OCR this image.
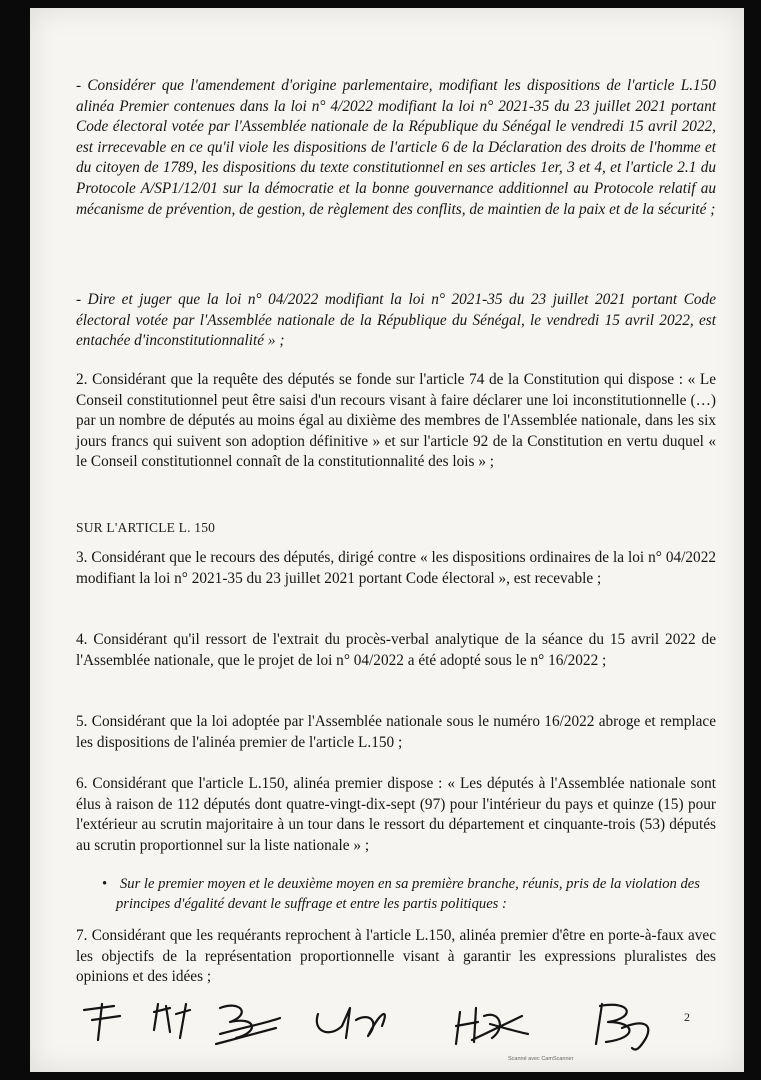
- Considérer que l'amendement d'origine parlementaire, modifiant les dispositions de l'article L.150 alinéa Premier contenues dans la loi n° 4/2022 modifiant la loi n° 2021-35 du 23 juillet 2021 portant Code électoral votée par l'Assemblée nationale de la République du Sénégal le vendredi 15 avril 2022, est irrecevable en ce qu'il viole les dispositions de l'article 6 de la Déclaration des droits de l'homme et du citoyen de 1789, les dispositions du texte constitutionnel en ses articles 1er, 3 et 4, et l'article 2.1 du Protocole A/SP1/12/01 sur la démocratie et la bonne gouvernance additionnel au Protocole relatif au mécanisme de prévention, de gestion, de règlement des conflits, de maintien de la paix et de la sécurité ;

- Dire et juger que la loi n° 04/2022 modifiant la loi n° 2021-35 du 23 juillet 2021 portant Code électoral votée par l'Assemblée nationale de la République du Sénégal, le vendredi 15 avril 2022, est entachée d'inconstitutionnalité » ;

2. Considérant que la requête des députés se fonde sur l'article 74 de la Constitution qui dispose : « Le Conseil constitutionnel peut être saisi d'un recours visant à faire déclarer une loi inconstitutionnelle (…) par un nombre de députés au moins égal au dixième des membres de l'Assemblée nationale, dans les six jours francs qui suivent son adoption définitive » et sur l'article 92 de la Constitution en vertu duquel « le Conseil constitutionnel connaît de la constitutionnalité des lois » ;

SUR L'ARTICLE L. 150

3. Considérant que le recours des députés, dirigé contre « les dispositions ordinaires de la loi n° 04/2022 modifiant la loi n° 2021-35 du 23 juillet 2021 portant Code électoral », est recevable ;

4. Considérant qu'il ressort de l'extrait du procès-verbal analytique de la séance du 15 avril 2022 de l'Assemblée nationale, que le projet de loi n° 04/2022 a été adopté sous le n° 16/2022 ;

5. Considérant que la loi adoptée par l'Assemblée nationale sous le numéro 16/2022 abroge et remplace les dispositions de l'alinéa premier de l'article L.150 ;

6. Considérant que l'article L.150, alinéa premier dispose : « Les députés à l'Assemblée nationale sont élus à raison de 112 députés dont quatre-vingt-dix-sept (97) pour l'intérieur du pays et quinze (15) pour l'extérieur au scrutin majoritaire à un tour dans le ressort du département et cinquante-trois (53) députés au scrutin proportionnel sur la liste nationale » ;

• Sur le premier moyen et le deuxième moyen en sa première branche, réunis, pris de la violation des principes d'égalité devant le suffrage et entre les partis politiques :

7. Considérant que les requérants reprochent à l'article L.150, alinéa premier d'être en porte-à-faux avec les objectifs de la représentation proportionnelle visant à garantir les expressions pluralistes des opinions et des idées ;

2
Scanné avec CamScanner
